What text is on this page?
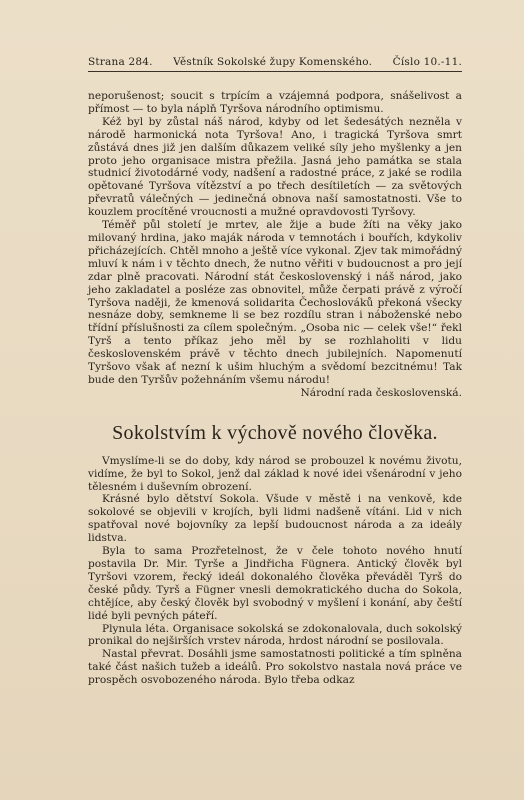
Strana 284. Věstník Sokolské župy Komenského. Číslo 10.-11.

neporušenost; soucit s trpícím a vzájemná podpora, snášelivost a přímost — to byla náplň Tyršova národního optimismu.

Kéž byl by zůstal náš národ, kdyby od let šedesátých nezněla v národě harmonická nota Tyršova! Ano, i tragická Tyršova smrt zůstává dnes již jen dalším důkazem veliké síly jeho myšlenky a jen proto jeho organisace mistra přežila. Jasná jeho památka se stala studnicí životodárné vody, nadšení a radostné práce, z jaké se rodila opětované Tyršova vítězství a po třech desítiletích — za světových převratů válečných — jedinečná obnova naší samostatnosti. Vše to kouzlem procítěné vroucnosti a mužné opravdovosti Tyršovy.

Téměř půl století je mrtev, ale žije a bude žíti na věky jako milovaný hrdina, jako maják národa v temnotách i bouřích, kdykoliv přicházejících. Chtěl mnoho a ještě více vykonal. Zjev tak mimořádný mluví k nám i v těchto dnech, že nutno věřiti v budoucnost a pro její zdar plně pracovati. Národní stát československý i náš národ, jako jeho zakladatel a posléze zas obnovitel, může čerpati právě z výročí Tyršova naději, že kmenová solidarita Čechoslováků překoná všecky nesnáze doby, semkneme li se bez rozdílu stran i náboženské nebo třídní příslušnosti za cílem společným. „Osoba nic — celek vše!“ řekl Tyrš a tento příkaz jeho měl by se rozhlaholiti v lidu československém právě v těchto dnech jubilejních. Napomenutí Tyršovo však ať nezní k ušim hluchým a svědomí bezcitnému! Tak bude den Tyršův požehnáním všemu národu!

Národní rada československá.
Sokolstvím k výchově nového člověka.

Vmyslíme-li se do doby, kdy národ se probouzel k novému životu, vidíme, že byl to Sokol, jenž dal základ k nové idei všenárodní v jeho tělesném i duševním obrození.

Krásné bylo dětství Sokola. Všude v městě i na venkově, kde sokolové se objevili v krojích, byli lidmi nadšeně vítáni. Lid v nich spatřoval nové bojovníky za lepší budoucnost národa a za ideály lidstva.

Byla to sama Prozřetelnost, že v čele tohoto nového hnutí postavila Dr. Mir. Tyrše a Jindřicha Fügnera. Antický člověk byl Tyršovi vzorem, řecký ideál dokonalého člověka převáděl Tyrš do české půdy. Tyrš a Fügner vnesli demokratického ducha do Sokola, chtějíce, aby český člověk byl svobodný v myšlení i konání, aby čeští lidé byli pevných páteří.

Plynula léta. Organisace sokolská se zdokonalovala, duch sokolský pronikal do nejširších vrstev národa, hrdost národní se posilovala.

Nastal převrat. Dosáhli jsme samostatnosti politické a tím splněna také část našich tužeb a ideálů. Pro sokolstvo nastala nová práce ve prospěch osvobozeného národa. Bylo třeba odkaz
